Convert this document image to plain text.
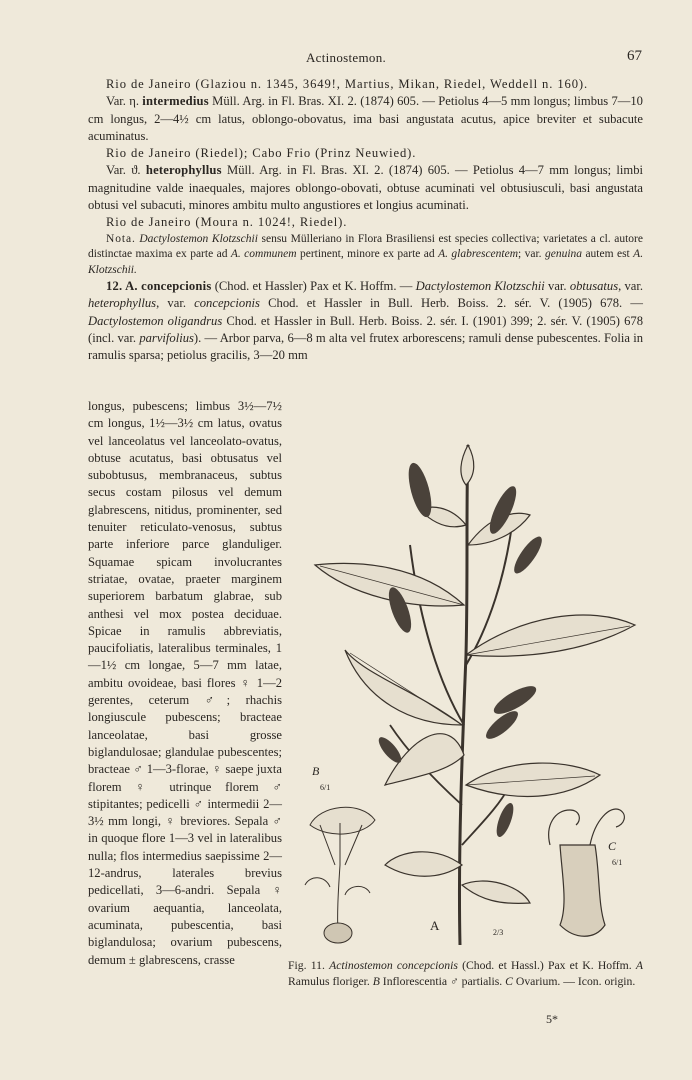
Actinostemon.	67

Rio de Janeiro (Glaziou n. 1345, 3649!, Martius, Mikan, Riedel, Weddell n. 160).

Var. η. intermedius Müll. Arg. in Fl. Bras. XI. 2. (1874) 605. — Petiolus 4—5 mm longus; limbus 7—10 cm longus, 2—4½ cm latus, oblongo-obovatus, ima basi angustata acutus, apice breviter et subacute acuminatus.

Rio de Janeiro (Riedel); Cabo Frio (Prinz Neuwied).

Var. ϑ. heterophyllus Müll. Arg. in Fl. Bras. XI. 2. (1874) 605. — Petiolus 4—7 mm longus; limbi magnitudine valde inaequales, majores oblongo-obovati, obtuse acuminati vel obtusiusculi, basi angustata obtusi vel subacuti, minores ambitu multo angustiores et longius acuminati.

Rio de Janeiro (Moura n. 1024!, Riedel).

Nota. Dactylostemon Klotzschii sensu Mülleriano in Flora Brasiliensi est species collectiva; varietates a cl. autore distinctae maxima ex parte ad A. communem pertinent, minore ex parte ad A. glabrescentem; var. genuina autem est A. Klotzschii.

12. A. concepcionis (Chod. et Hassler) Pax et K. Hoffm. — Dactylostemon Klotzschii var. obtusatus, var. heterophyllus, var. concepcionis Chod. et Hassler in Bull. Herb. Boiss. 2. sér. V. (1905) 678. — Dactylostemon oligandrus Chod. et Hassler in Bull. Herb. Boiss. 2. sér. I. (1901) 399; 2. sér. V. (1905) 678 (incl. var. parvifolius). — Arbor parva, 6—8 m alta vel frutex arborescens; ramuli dense pubescentes. Folia in ramulis sparsa; petiolus gracilis, 3—20 mm

longus, pubescens; limbus 3½—7½ cm longus, 1½—3½ cm latus, ovatus vel lanceolatus vel lanceolato-ovatus, obtuse acutatus, basi obtusatus vel subobtusus, membranaceus, subtus secus costam pilosus vel demum glabrescens, nitidus, prominenter, sed tenuiter reticulato-venosus, subtus parte inferiore parce glanduliger. Squamae spicam involucrantes striatae, ovatae, praeter marginem superiorem barbatum glabrae, sub anthesi vel mox postea deciduae. Spicae in ramulis abbreviatis, paucifoliatis, lateralibus terminales, 1—1½ cm longae, 5—7 mm latae, ambitu ovoideae, basi flores ♀ 1—2 gerentes, ceterum ♂; rhachis longiuscule pubescens; bracteae lanceolatae, basi grosse biglandulosae; glandulae pubescentes; bracteae ♂ 1—3-florae, ♀ saepe juxta florem ♀ utrinque florem ♂ stipitantes; pedicelli ♂ intermedii 2—3½ mm longi, ♀ breviores. Sepala ♂ in quoque flore 1—3 vel in lateralibus nulla; flos intermedius saepissime 2—12-andrus, laterales brevius pedicellati, 3—6-andri. Sepala ♀ ovarium aequantia, lanceolata, acuminata, pubescentia, basi biglandulosa; ovarium pubescens, demum ± glabrescens, crasse

A	2/3
B
6/1
C
6/1

Fig. 11. Actinostemon concepcionis (Chod. et Hassl.) Pax et K. Hoffm. A Ramulus floriger. B Inflorescentia ♂ partialis. C Ovarium. — Icon. origin.

5*
